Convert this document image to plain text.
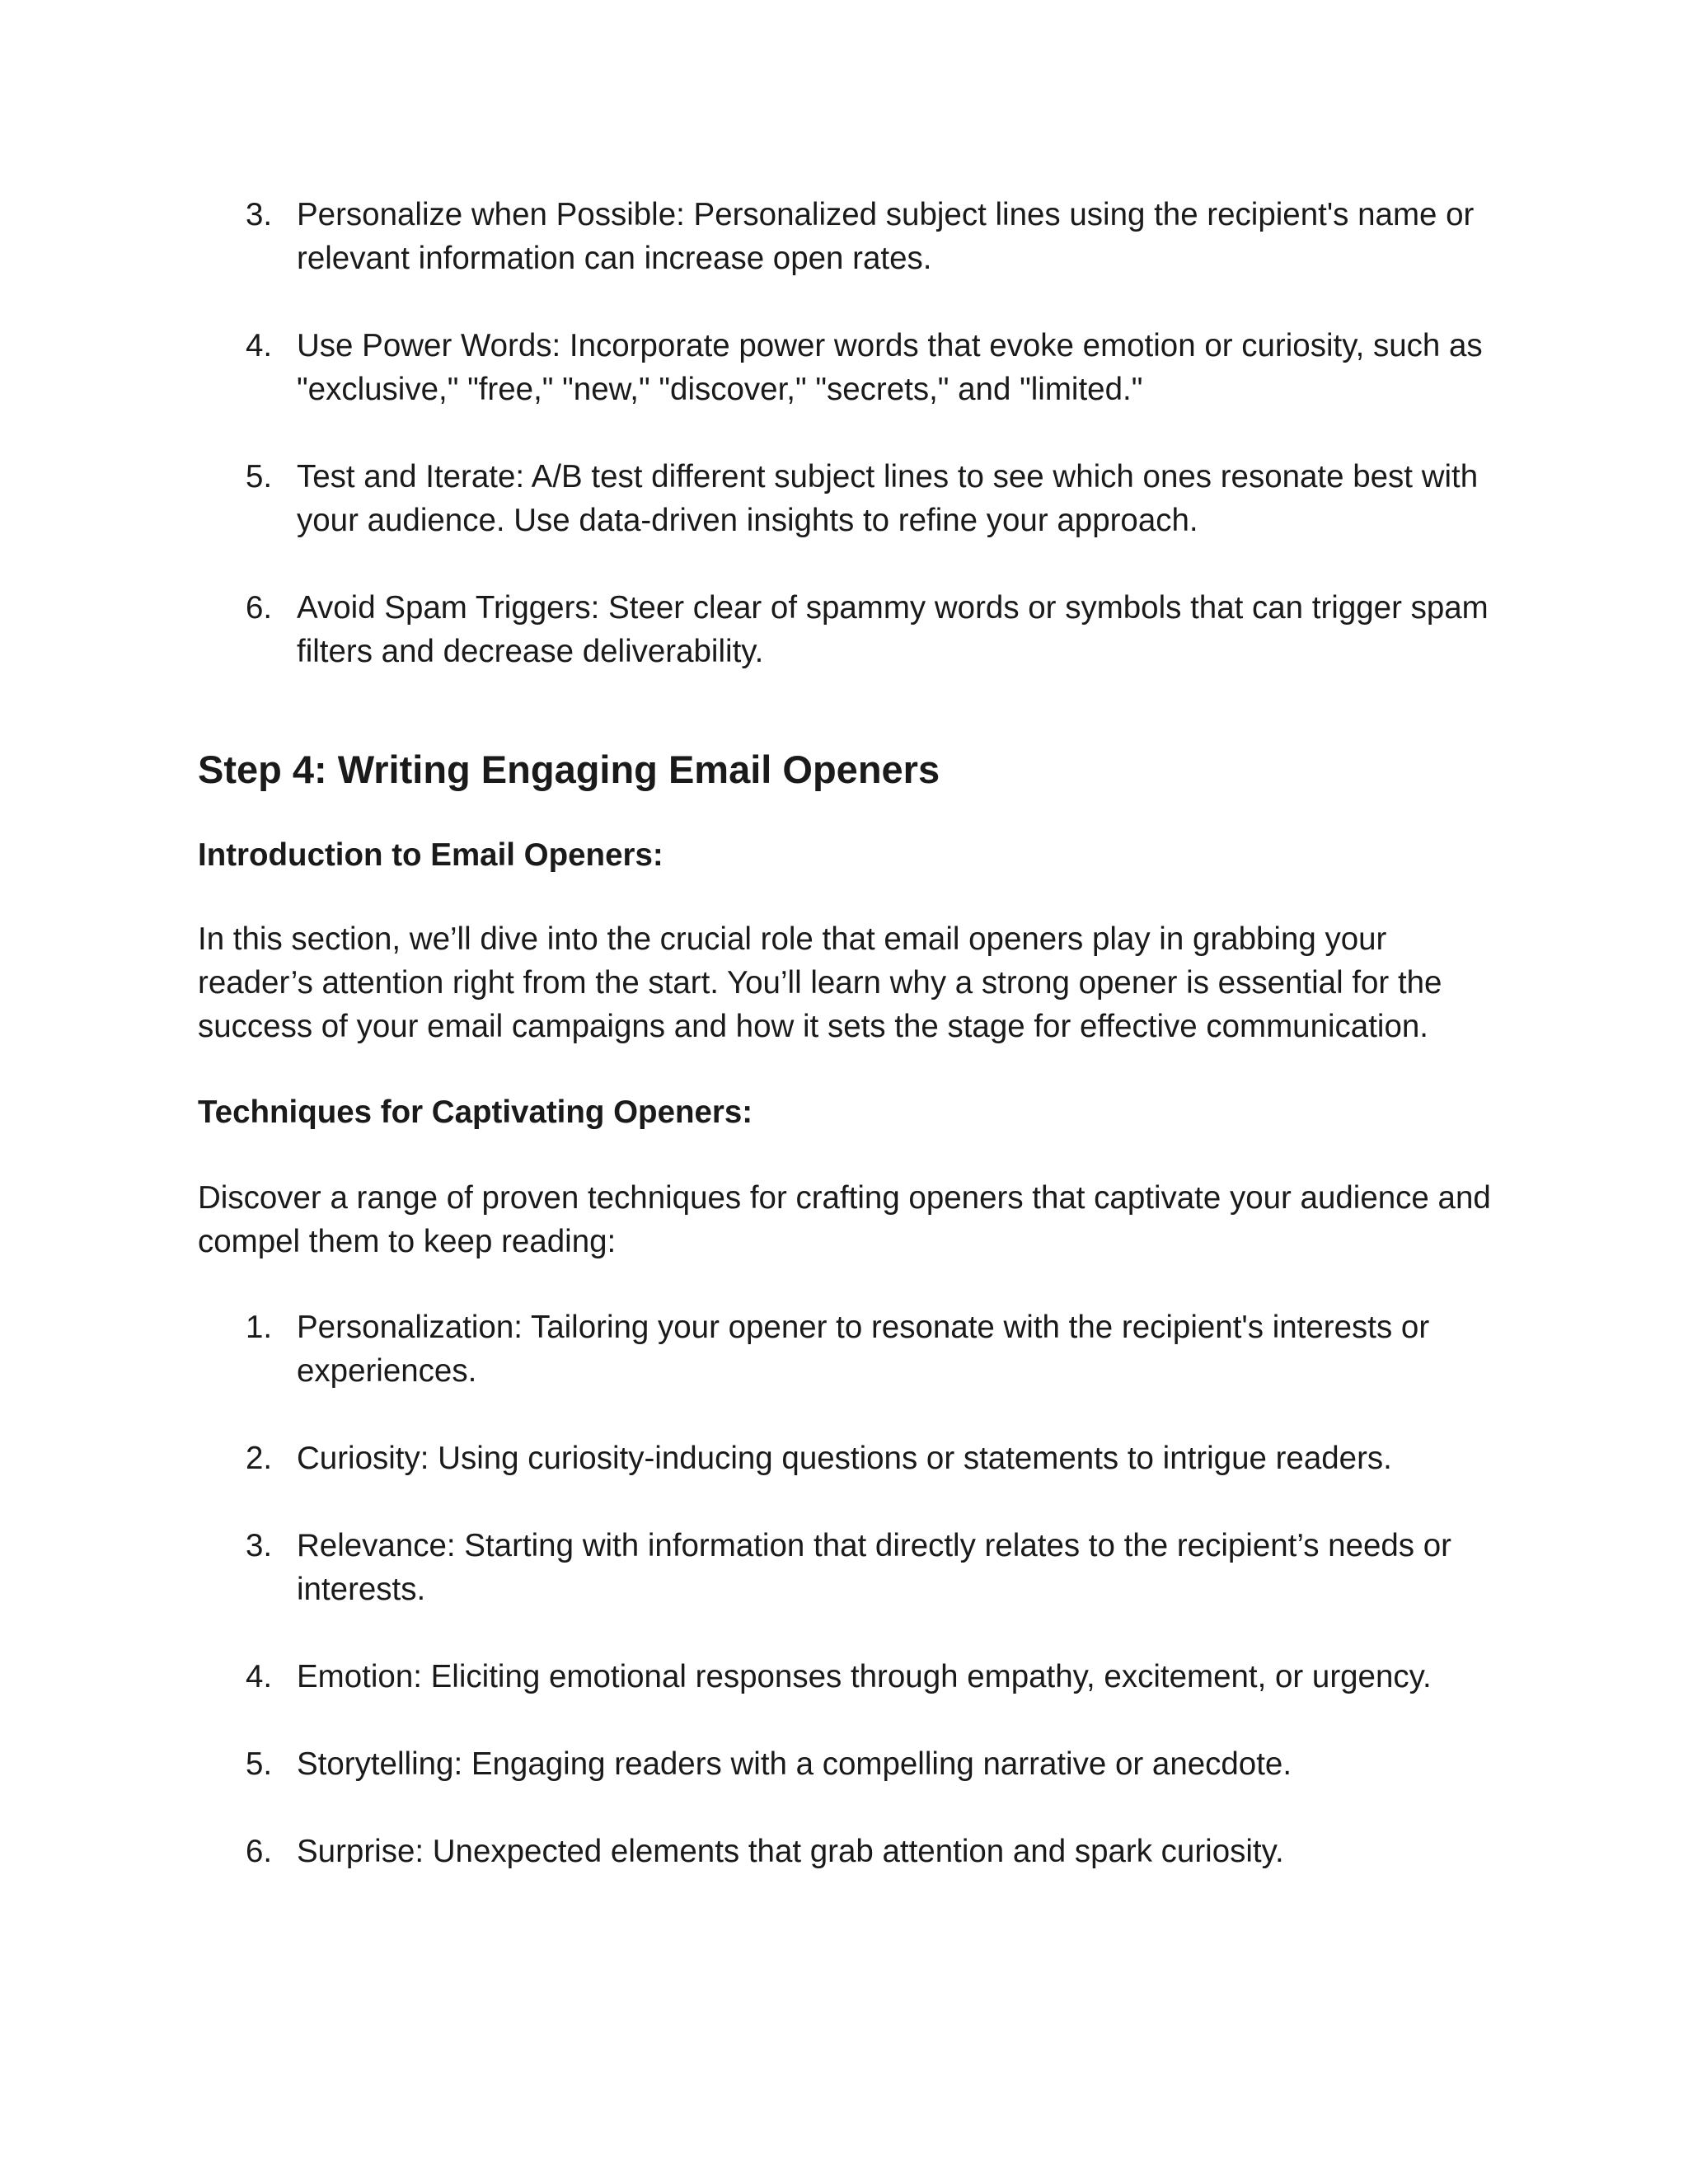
3. Personalize when Possible: Personalized subject lines using the recipient's name or relevant information can increase open rates.
4. Use Power Words: Incorporate power words that evoke emotion or curiosity, such as "exclusive," "free," "new," "discover," "secrets," and "limited."
5. Test and Iterate: A/B test different subject lines to see which ones resonate best with your audience. Use data-driven insights to refine your approach.
6. Avoid Spam Triggers: Steer clear of spammy words or symbols that can trigger spam filters and decrease deliverability.
Step 4: Writing Engaging Email Openers
Introduction to Email Openers:

In this section, we’ll dive into the crucial role that email openers play in grabbing your reader’s attention right from the start. You’ll learn why a strong opener is essential for the success of your email campaigns and how it sets the stage for effective communication.

Techniques for Captivating Openers:

Discover a range of proven techniques for crafting openers that captivate your audience and compel them to keep reading:

1. Personalization: Tailoring your opener to resonate with the recipient's interests or experiences.
2. Curiosity: Using curiosity-inducing questions or statements to intrigue readers.
3. Relevance: Starting with information that directly relates to the recipient’s needs or interests.
4. Emotion: Eliciting emotional responses through empathy, excitement, or urgency.
5. Storytelling: Engaging readers with a compelling narrative or anecdote.
6. Surprise: Unexpected elements that grab attention and spark curiosity.
